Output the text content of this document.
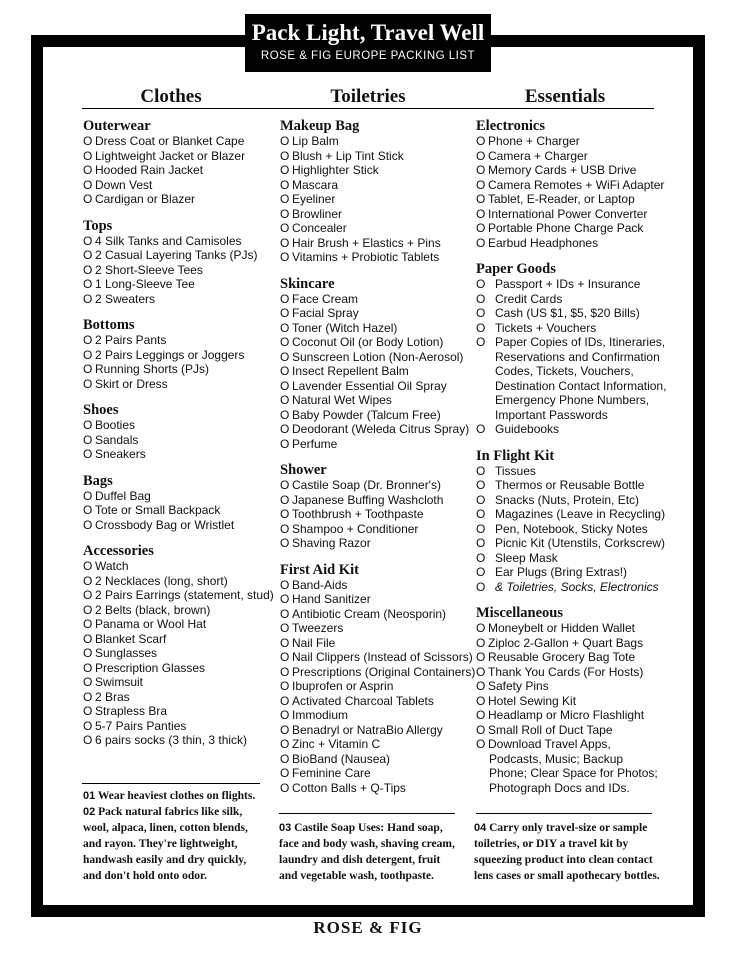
Pack Light, Travel Well
ROSE & FIG EUROPE PACKING LIST
Clothes	Toiletries	Essentials
Outerwear
O Dress Coat or Blanket Cape
O Lightweight Jacket or Blazer
O Hooded Rain Jacket
O Down Vest
O Cardigan or Blazer
Tops
O 4 Silk Tanks and Camisoles
O 2 Casual Layering Tanks (PJs)
O 2 Short-Sleeve Tees
O 1 Long-Sleeve Tee
O 2 Sweaters
Bottoms
O 2 Pairs Pants
O 2 Pairs Leggings or Joggers
O Running Shorts (PJs)
O Skirt or Dress
Shoes
O Booties
O Sandals
O Sneakers
Bags
O Duffel Bag
O Tote or Small Backpack
O Crossbody Bag or Wristlet
Accessories
O Watch
O 2 Necklaces (long, short)
O 2 Pairs Earrings (statement, stud)
O 2 Belts (black, brown)
O Panama or Wool Hat
O Blanket Scarf
O Sunglasses
O Prescription Glasses
O Swimsuit
O 2 Bras
O Strapless Bra
O 5-7 Pairs Panties
O 6 pairs socks (3 thin, 3 thick)
Makeup Bag
O Lip Balm
O Blush + Lip Tint Stick
O Highlighter Stick
O Mascara
O Eyeliner
O Browliner
O Concealer
O Hair Brush + Elastics + Pins
O Vitamins + Probiotic Tablets
Skincare
O Face Cream
O Facial Spray
O Toner (Witch Hazel)
O Coconut Oil (or Body Lotion)
O Sunscreen Lotion (Non-Aerosol)
O Insect Repellent Balm
O Lavender Essential Oil Spray
O Natural Wet Wipes
O Baby Powder (Talcum Free)
O Deodorant (Weleda Citrus Spray)
O Perfume
Shower
O Castile Soap (Dr. Bronner's)
O Japanese Buffing Washcloth
O Toothbrush + Toothpaste
O Shampoo + Conditioner
O Shaving Razor
First Aid Kit
O Band-Aids
O Hand Sanitizer
O Antibiotic Cream (Neosporin)
O Tweezers
O Nail File
O Nail Clippers (Instead of Scissors)
O Prescriptions (Original Containers)
O Ibuprofen or Asprin
O Activated Charcoal Tablets
O Immodium
O Benadryl or NatraBio Allergy
O Zinc + Vitamin C
O BioBand (Nausea)
O Feminine Care
O Cotton Balls + Q-Tips
Electronics
O Phone + Charger
O Camera + Charger
O Memory Cards + USB Drive
O Camera Remotes + WiFi Adapter
O Tablet, E-Reader, or Laptop
O International Power Converter
O Portable Phone Charge Pack
O Earbud Headphones
Paper Goods
O Passport + IDs + Insurance
O Credit Cards
O Cash (US $1, $5, $20 Bills)
O Tickets + Vouchers
O Paper Copies of IDs, Itineraries,
Reservations and Confirmation
Codes, Tickets, Vouchers,
Destination Contact Information,
Emergency Phone Numbers,
Important Passwords
O Guidebooks
In Flight Kit
O Tissues
O Thermos or Reusable Bottle
O Snacks (Nuts, Protein, Etc)
O Magazines (Leave in Recycling)
O Pen, Notebook, Sticky Notes
O Picnic Kit (Utenstils, Corkscrew)
O Sleep Mask
O Ear Plugs (Bring Extras!)
O & Toiletries, Socks, Electronics
Miscellaneous
O Moneybelt or Hidden Wallet
O Ziploc 2-Gallon + Quart Bags
O Reusable Grocery Bag Tote
O Thank You Cards (For Hosts)
O Safety Pins
O Hotel Sewing Kit
O Headlamp or Micro Flashlight
O Small Roll of Duct Tape
O Download Travel Apps,
Podcasts, Music; Backup
Phone; Clear Space for Photos;
Photograph Docs and IDs.
01 Wear heaviest clothes on flights.
02 Pack natural fabrics like silk,
wool, alpaca, linen, cotton blends,
and rayon. They're lightweight,
handwash easily and dry quickly,
and don't hold onto odor.
03 Castile Soap Uses: Hand soap,
face and body wash, shaving cream,
laundry and dish detergent, fruit
and vegetable wash, toothpaste.
04 Carry only travel-size or sample
toiletries, or DIY a travel kit by
squeezing product into clean contact
lens cases or small apothecary bottles.
ROSE & FIG
